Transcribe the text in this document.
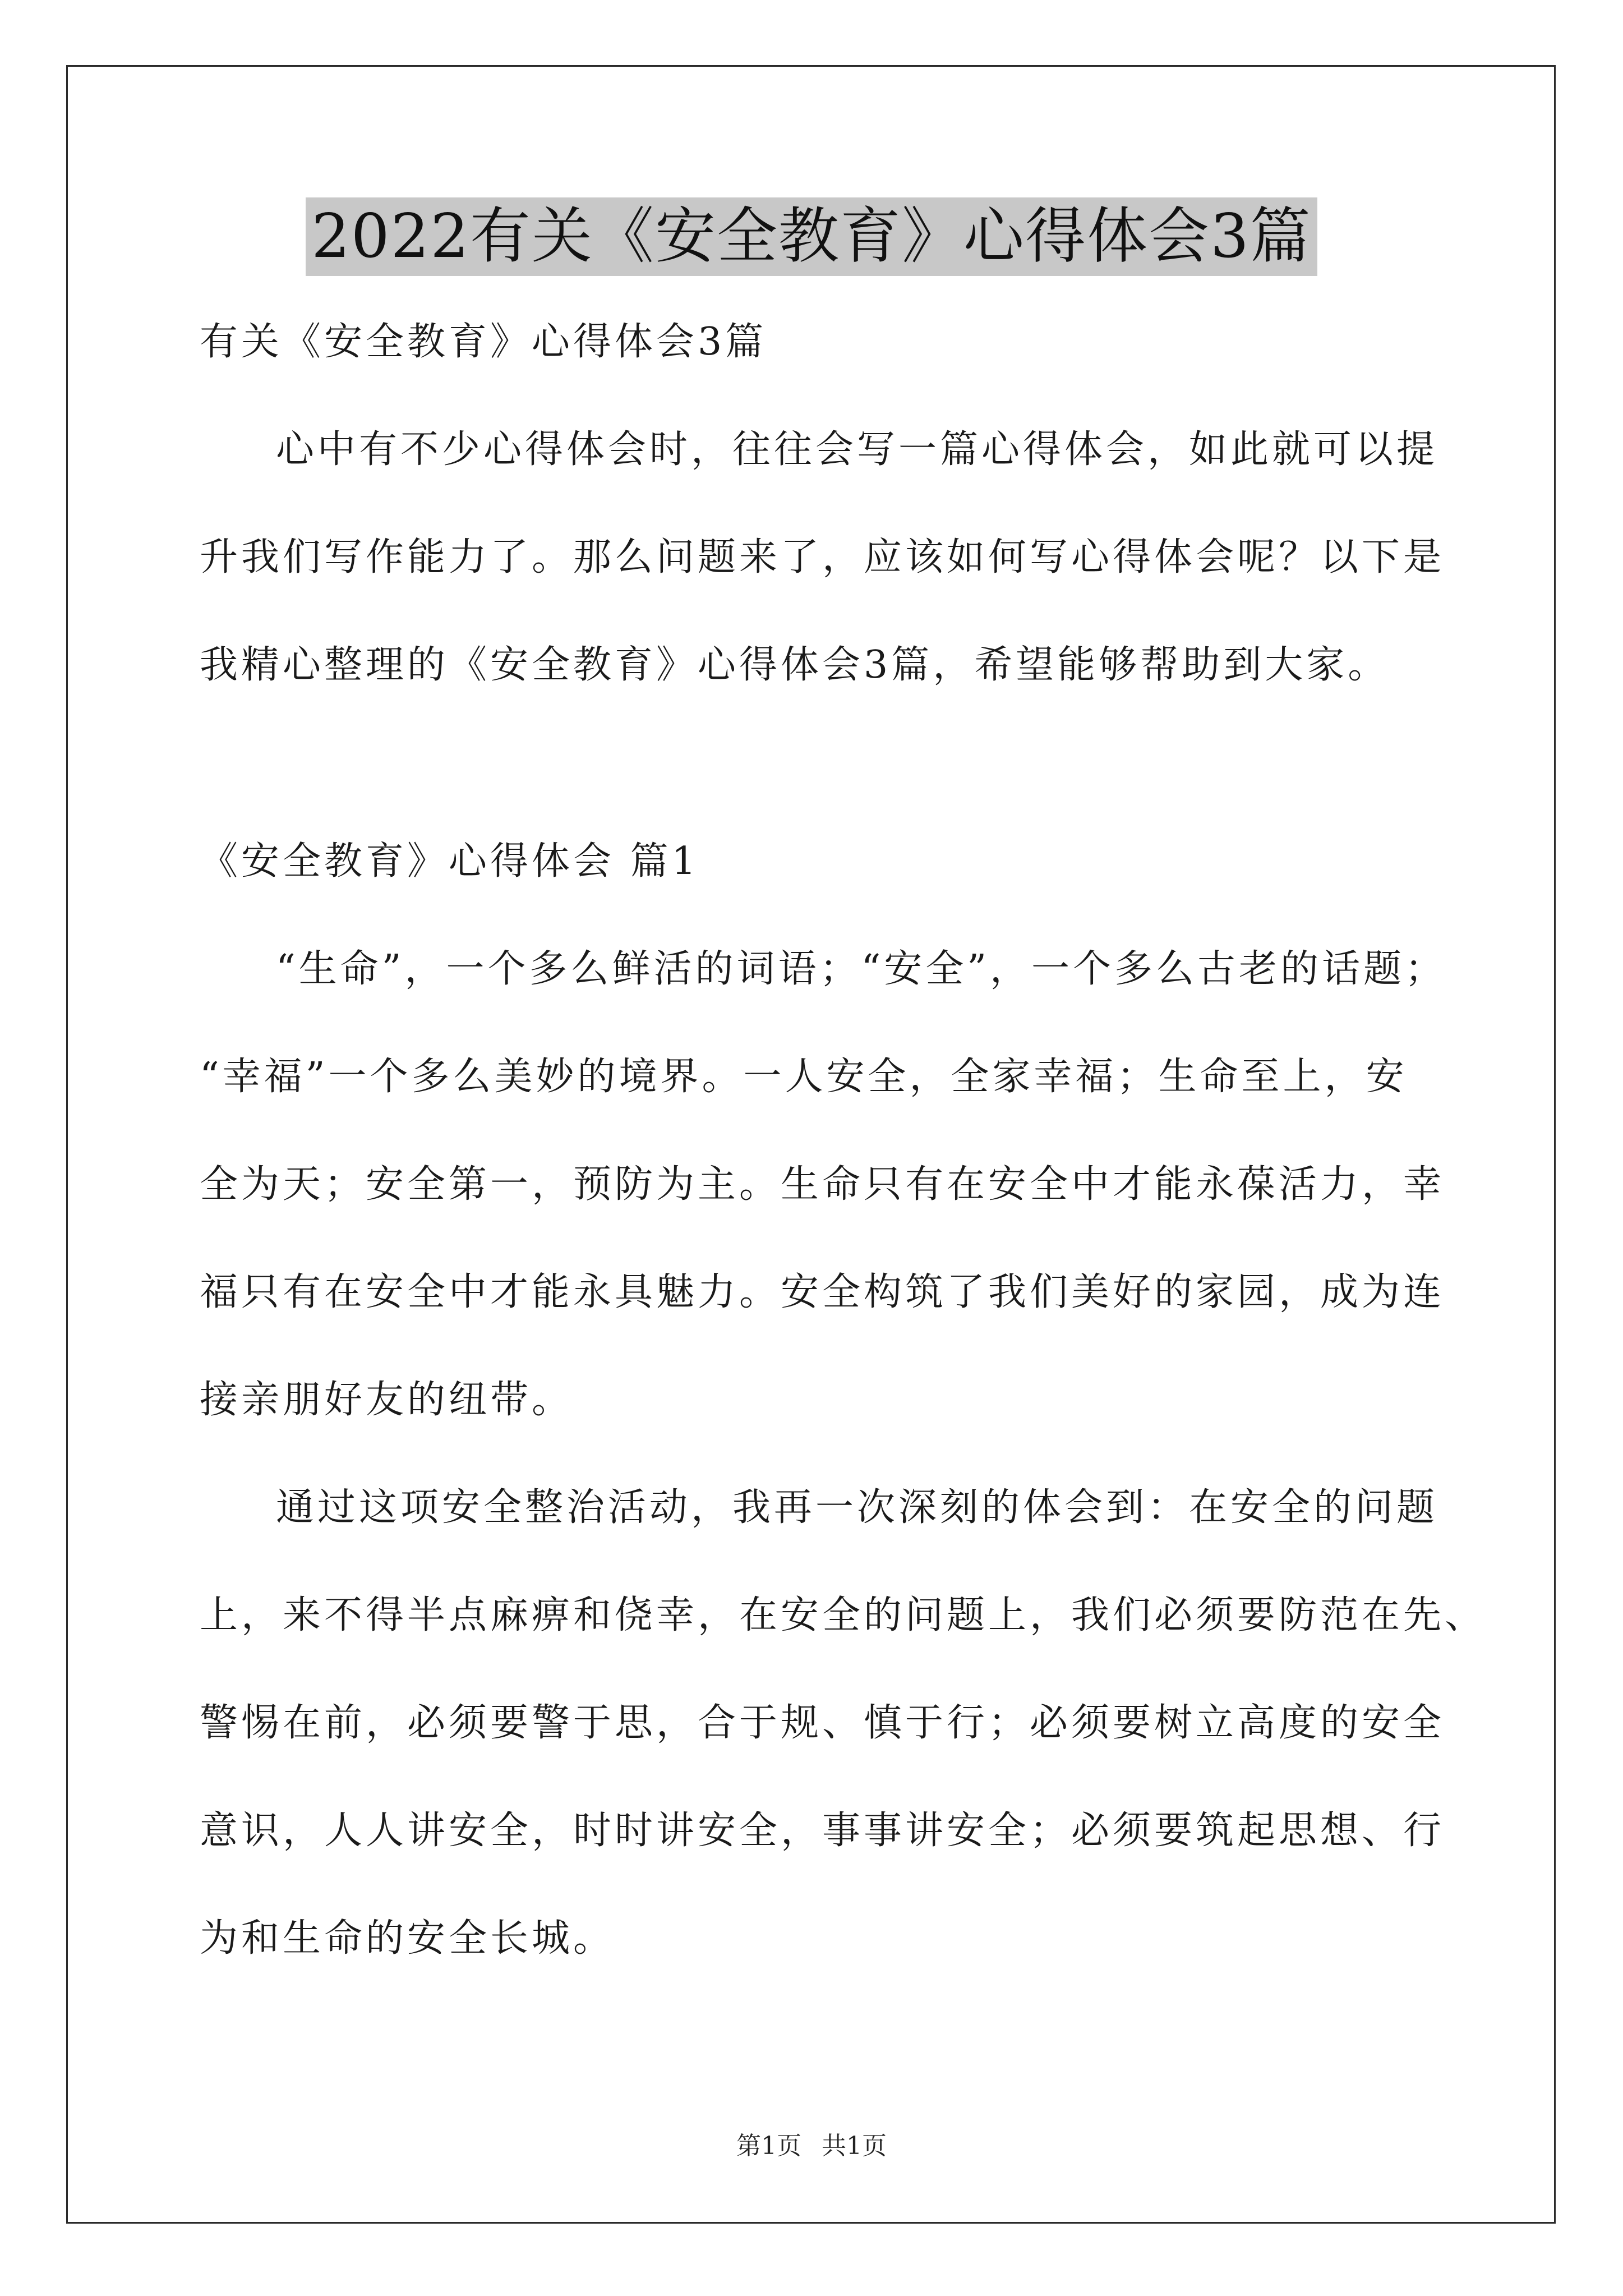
2022有关《安全教育》心得体会3篇

有关《安全教育》心得体会3篇

心中有不少心得体会时，往往会写一篇心得体会，如此就可以提

升我们写作能力了。那么问题来了，应该如何写心得体会呢？以下是

我精心整理的《安全教育》心得体会3篇，希望能够帮助到大家。

《安全教育》心得体会 篇1

“生命”，一个多么鲜活的词语；“安全”，一个多么古老的话题；

“幸福”一个多么美妙的境界。一人安全，全家幸福；生命至上，安

全为天；安全第一，预防为主。生命只有在安全中才能永葆活力，幸

福只有在安全中才能永具魅力。安全构筑了我们美好的家园，成为连

接亲朋好友的纽带。

通过这项安全整治活动，我再一次深刻的体会到：在安全的问题

上，来不得半点麻痹和侥幸，在安全的问题上，我们必须要防范在先、

警惕在前，必须要警于思，合于规、慎于行；必须要树立高度的安全

意识，人人讲安全，时时讲安全，事事讲安全；必须要筑起思想、行

为和生命的安全长城。

第1页 共1页
